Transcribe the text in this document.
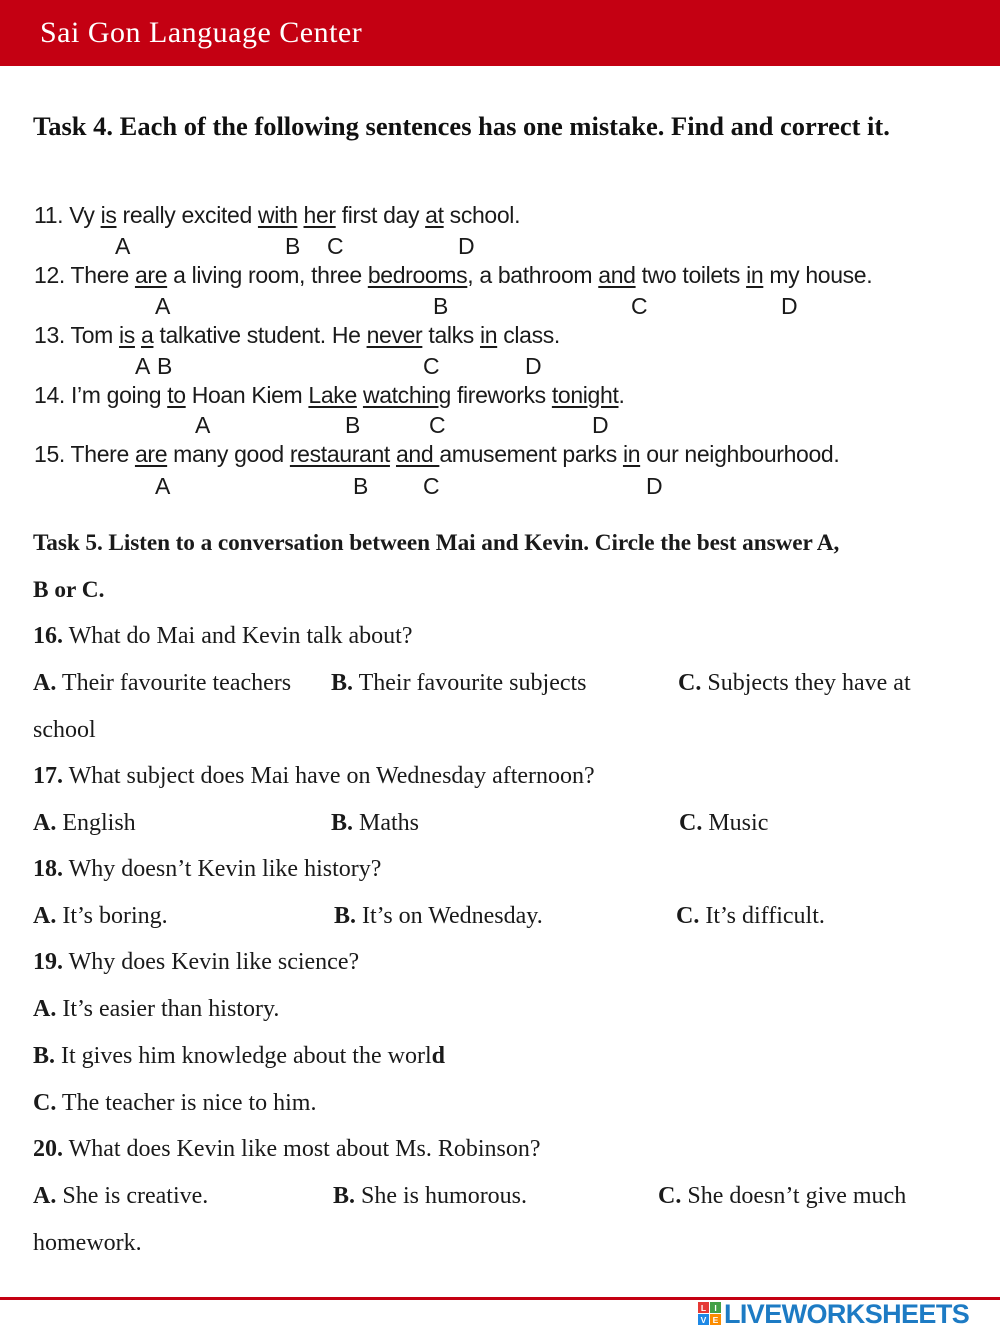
Sai Gon Language Center
Task 4. Each of the following sentences has one mistake. Find and correct it.
11. Vy is really excited with her first day at school.
12. There are a living room, three bedrooms, a bathroom and two toilets in my house.
13. Tom is a talkative student. He never talks in class.
14. I’m going to Hoan Kiem Lake watching fireworks tonight.
15. There are many good restaurant and amusement parks in our neighbourhood.
A	B C	D
A	B	C	D
A B	C	D
A	B	C	D
A	B C	D
Task 5. Listen to a conversation between Mai and Kevin. Circle the best answer A,
B or C.
16. What do Mai and Kevin talk about?
A. Their favourite teachers B. Their favourite subjects	C. Subjects they have at
school
17. What subject does Mai have on Wednesday afternoon?
A. English	B. Maths	C. Music
18. Why doesn’t Kevin like history?
A. It’s boring.	B. It’s on Wednesday.	C. It’s difficult.
19. Why does Kevin like science?
A. It’s easier than history.
B. It gives him knowledge about the world
C. The teacher is nice to him.
20. What does Kevin like most about Ms. Robinson?
A. She is creative.	B. She is humorous.	C. She doesn’t give much
homework.
L I
V E LIVEWORKSHEETS
